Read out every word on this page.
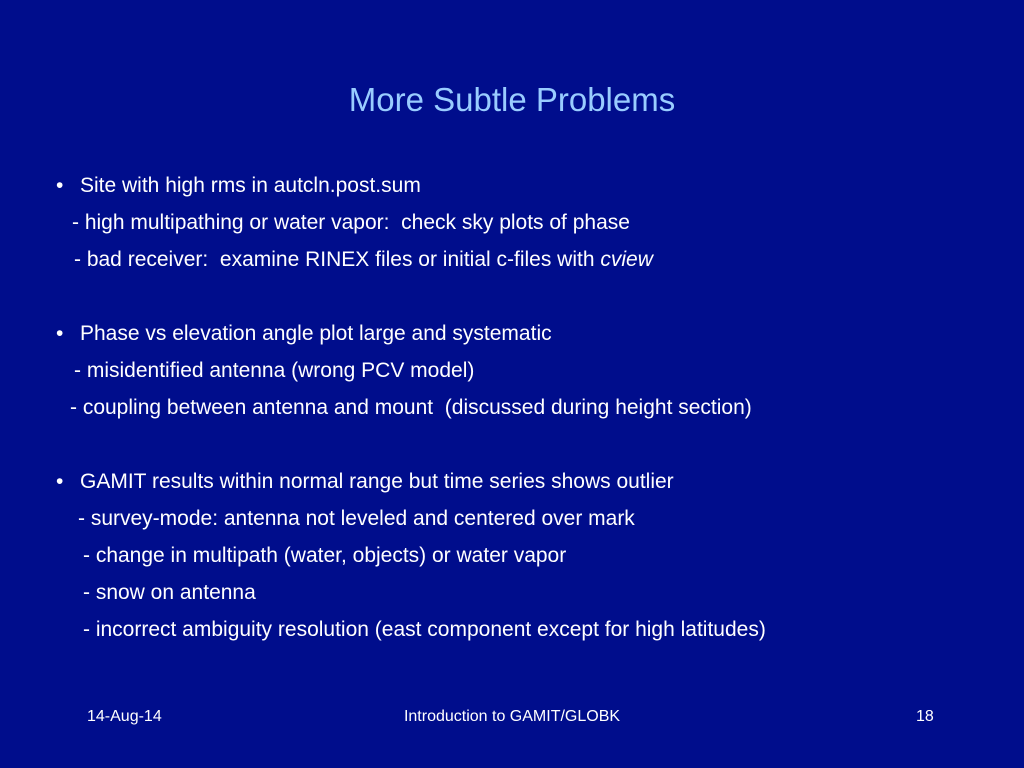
More Subtle Problems
• Site with high rms in autcln.post.sum
- high multipathing or water vapor:  check sky plots of phase
- bad receiver:  examine RINEX files or initial c-files with cview
• Phase vs elevation angle plot large and systematic
- misidentified antenna (wrong PCV model)
- coupling between antenna and mount  (discussed during height section)
• GAMIT results within normal range but time series shows outlier
- survey-mode: antenna not leveled and centered over mark
- change in multipath (water, objects) or water vapor
- snow on antenna
- incorrect ambiguity resolution (east component except for high latitudes)
14-Aug-14	Introduction to GAMIT/GLOBK	18
